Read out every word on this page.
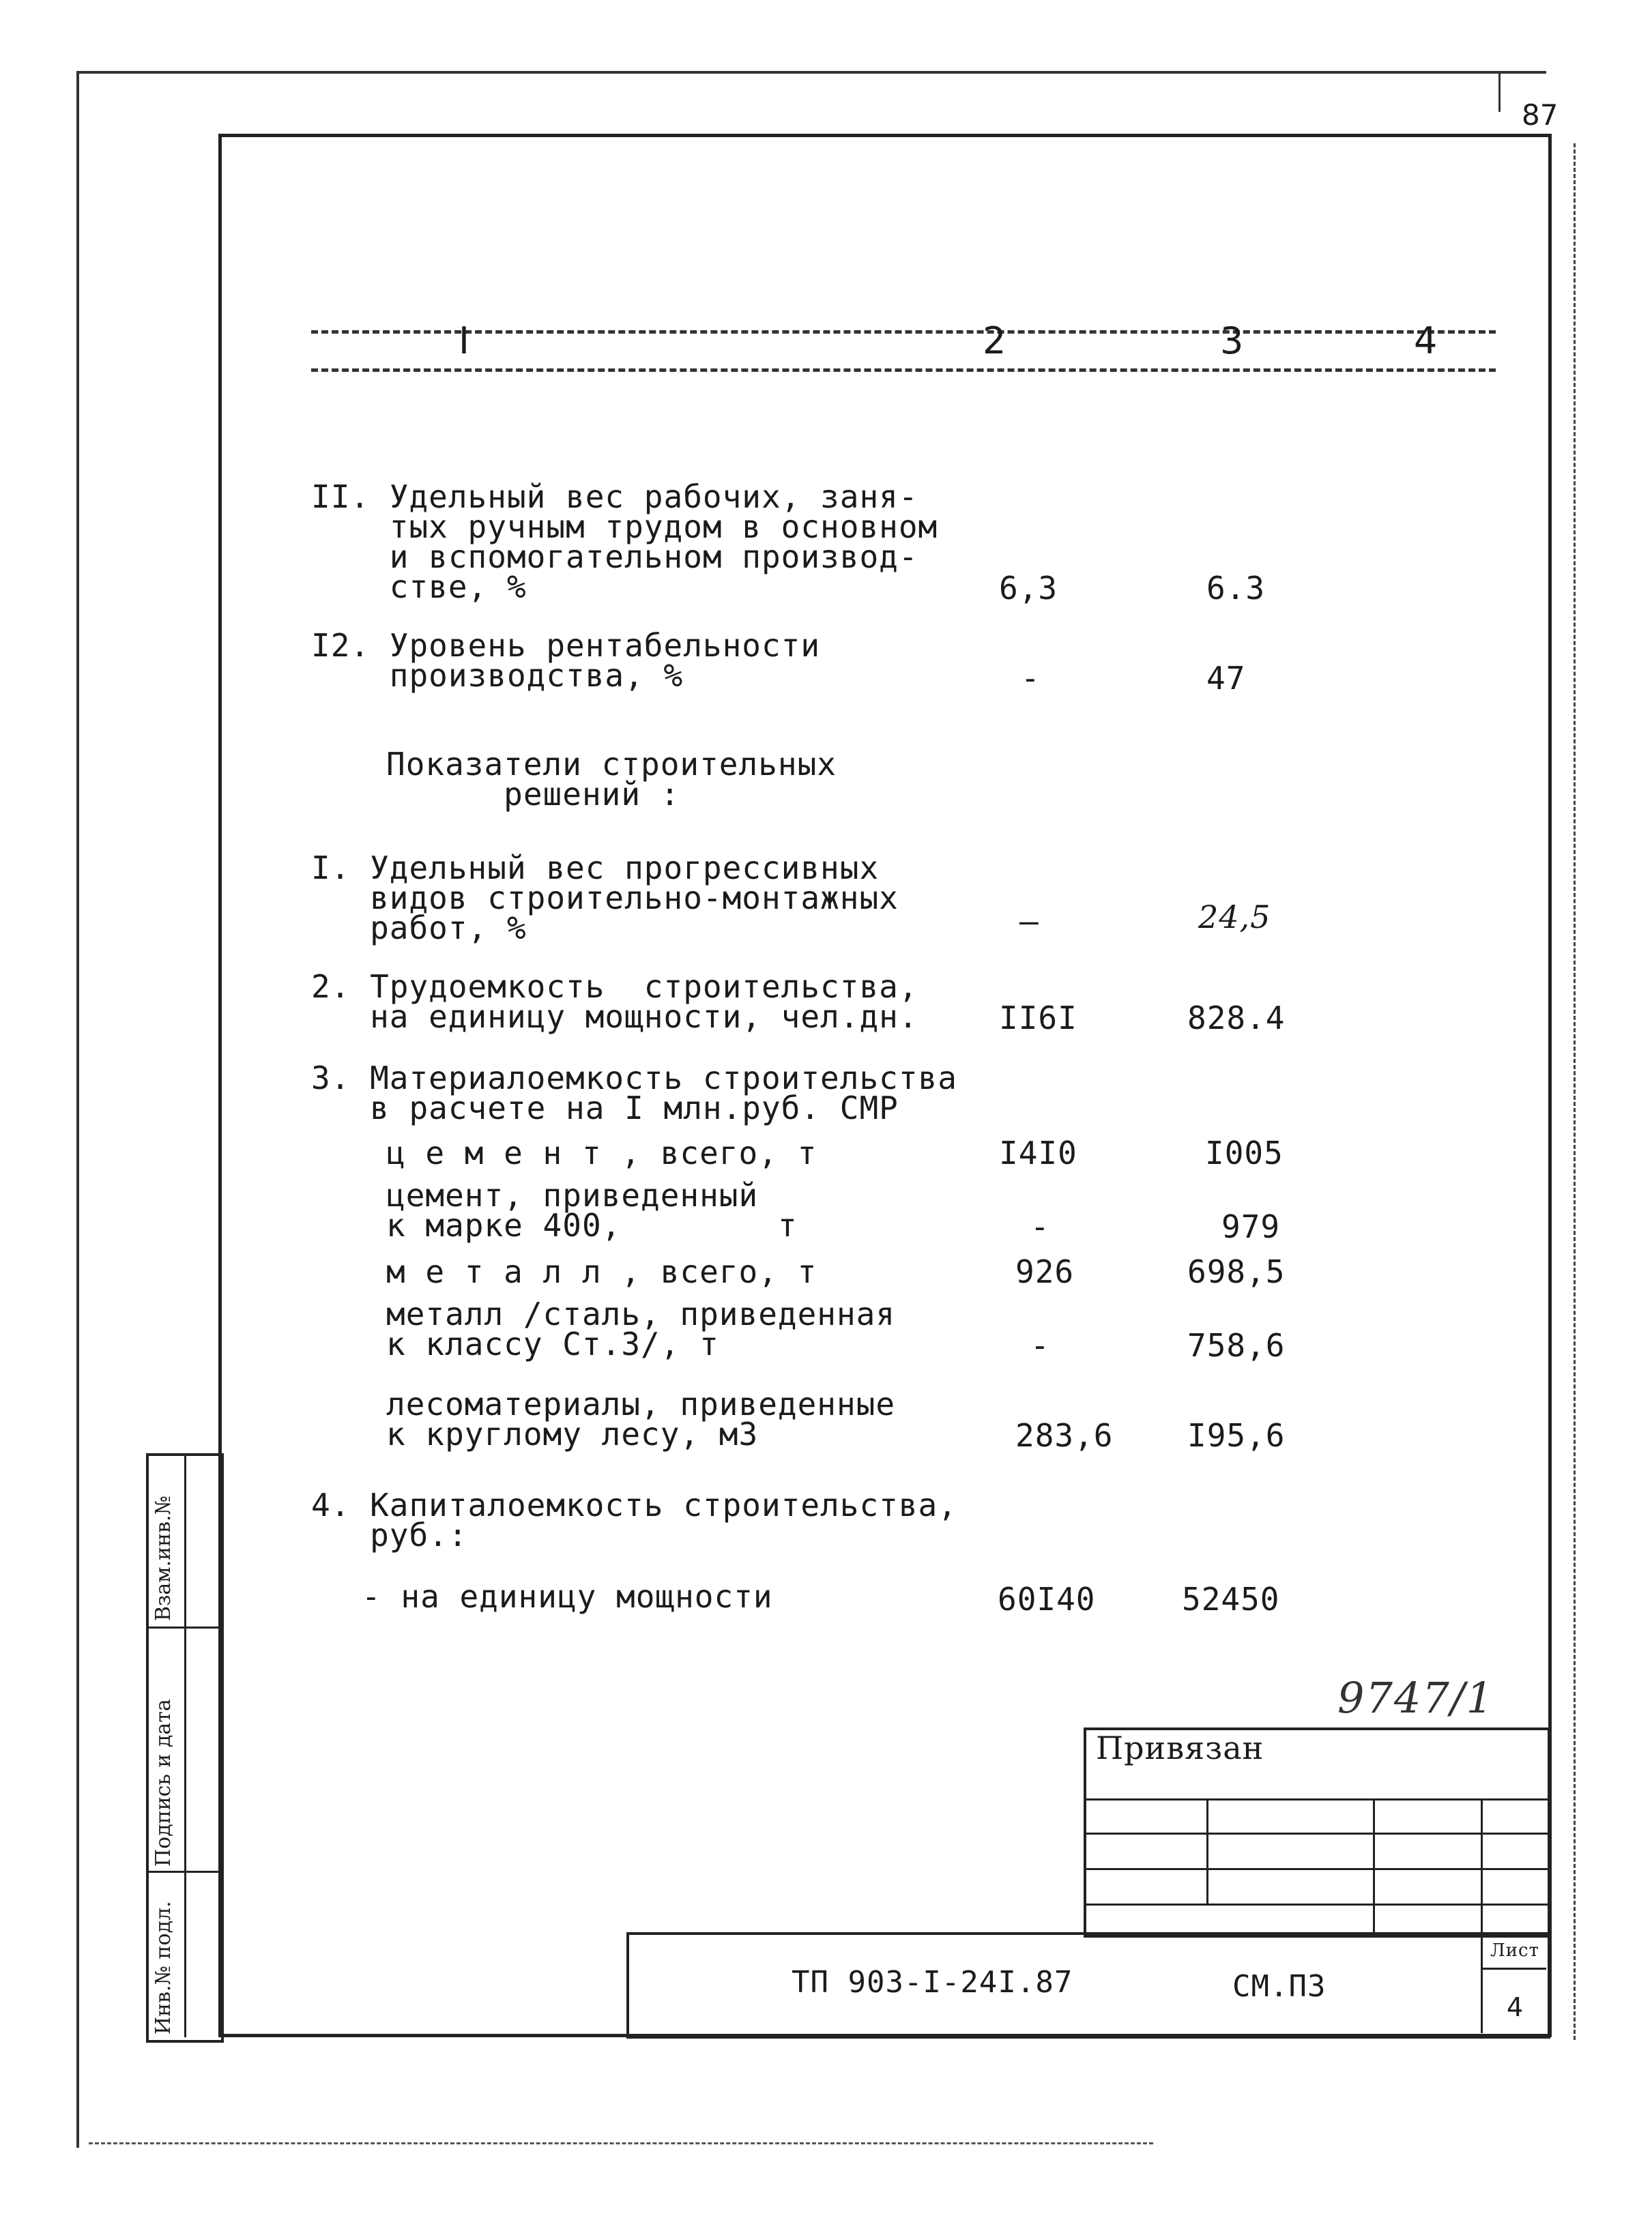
87
I	2	3	4
II. Удельный вес рабочих, заня-
тых ручным трудом в основном
и вспомогательном производ-
стве, %	6,3	6.3
I2. Уровень рентабельности
производства, %	-	47
Показатели строительных
решений :
I. Удельный вес прогрессивных
видов строительно-монтажных
работ, %	—	24,5
2. Трудоемкость  строительства,
на единицу мощности, чел.дн.	II6I	828.4
3. Материалоемкость строительства
в расчете на I млн.руб. СМР
ц е м е н т , всего, т	I4I0	I005
цемент, приведенный
к марке 400,        т	-	979
м е т а л л , всего, т	926	698,5
металл /сталь, приведенная
к классу Ст.3/, т	-	758,6
лесоматериалы, приведенные
к круглому лесу, м3	283,6 I95,6
4. Капиталоемкость строительства,
руб.:
- на единицу мощности	60I40	52450
9747/1
Инв.№ подл.
Подпись и дата
Взам.инв.№
Привязан
ТП 903-I-24I.87	СМ.ПЗ
Лист
4
